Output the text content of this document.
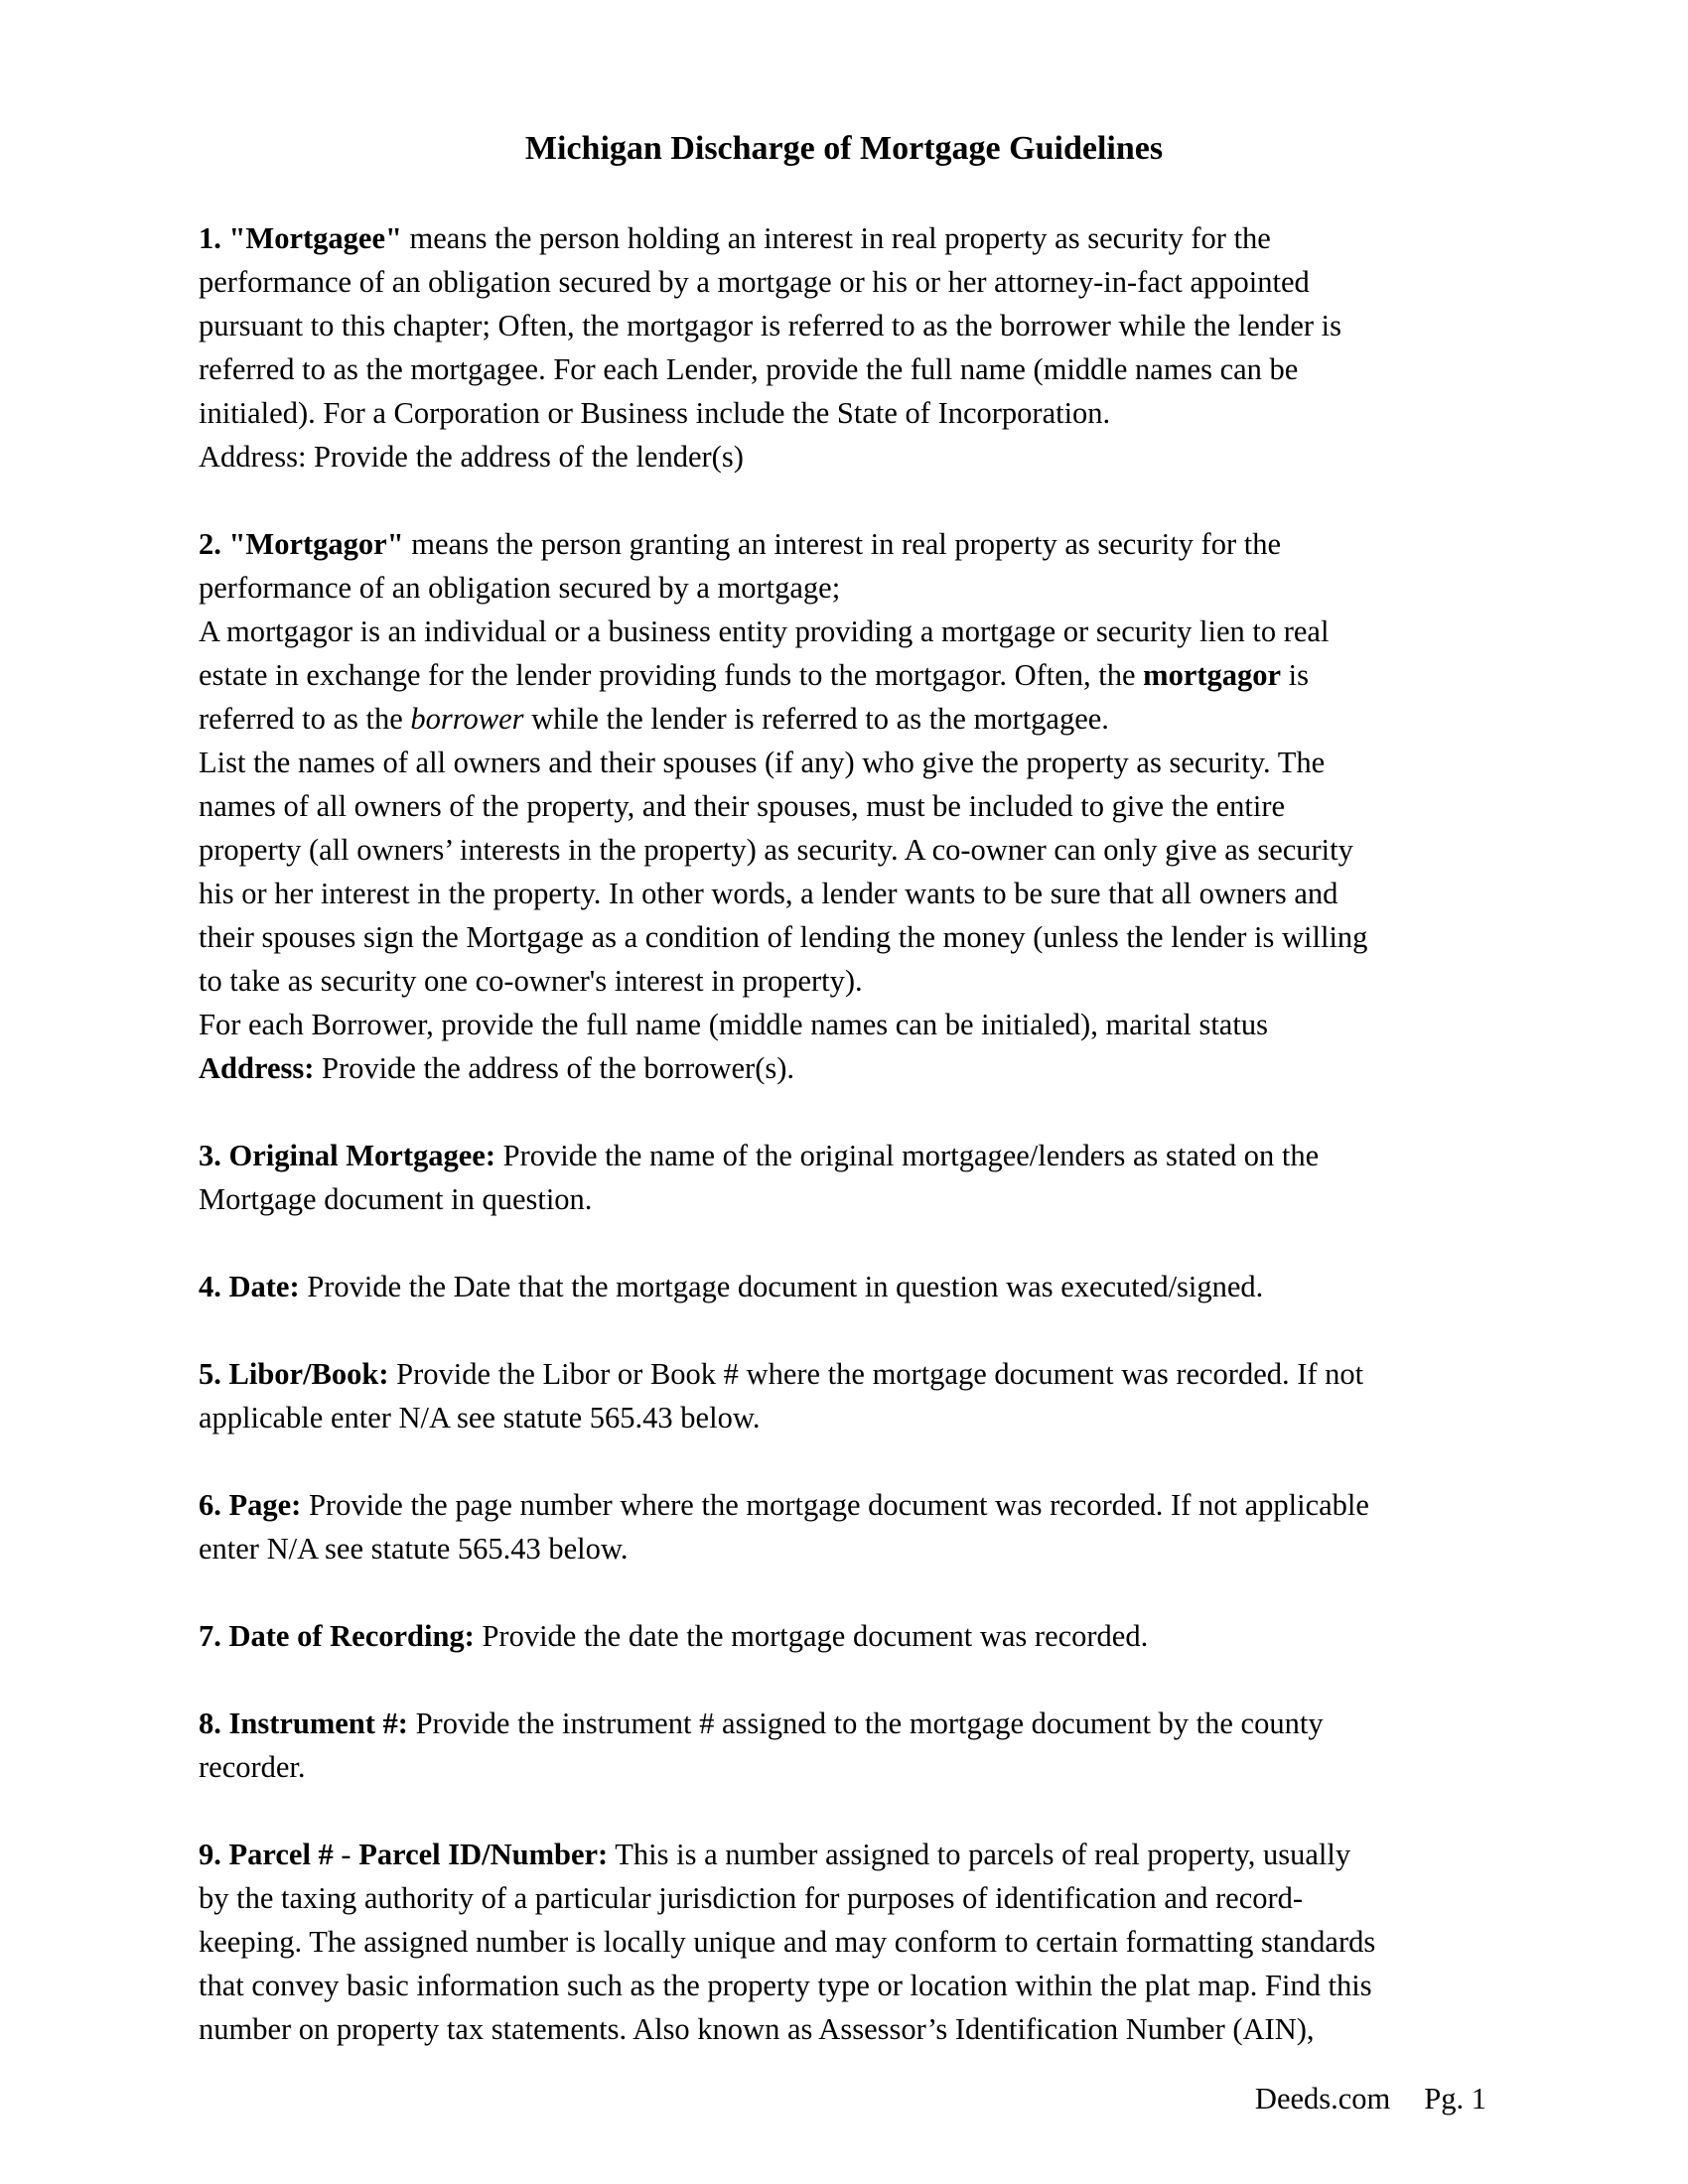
Michigan Discharge of Mortgage Guidelines
1. "Mortgagee" means the person holding an interest in real property as security for the
performance of an obligation secured by a mortgage or his or her attorney-in-fact appointed
pursuant to this chapter; Often, the mortgagor is referred to as the borrower while the lender is
referred to as the mortgagee. For each Lender, provide the full name (middle names can be
initialed). For a Corporation or Business include the State of Incorporation.
Address: Provide the address of the lender(s)
2. "Mortgagor" means the person granting an interest in real property as security for the
performance of an obligation secured by a mortgage;
A mortgagor is an individual or a business entity providing a mortgage or security lien to real
estate in exchange for the lender providing funds to the mortgagor. Often, the mortgagor is
referred to as the borrower while the lender is referred to as the mortgagee.
List the names of all owners and their spouses (if any) who give the property as security. The
names of all owners of the property, and their spouses, must be included to give the entire
property (all owners’ interests in the property) as security. A co-owner can only give as security
his or her interest in the property. In other words, a lender wants to be sure that all owners and
their spouses sign the Mortgage as a condition of lending the money (unless the lender is willing
to take as security one co-owner's interest in property).
For each Borrower, provide the full name (middle names can be initialed), marital status
Address: Provide the address of the borrower(s).
3. Original Mortgagee: Provide the name of the original mortgagee/lenders as stated on the
Mortgage document in question.
4. Date: Provide the Date that the mortgage document in question was executed/signed.
5. Libor/Book: Provide the Libor or Book # where the mortgage document was recorded. If not
applicable enter N/A see statute 565.43 below.
6. Page: Provide the page number where the mortgage document was recorded. If not applicable
enter N/A see statute 565.43 below.
7. Date of Recording: Provide the date the mortgage document was recorded.
8. Instrument #: Provide the instrument # assigned to the mortgage document by the county
recorder.
9. Parcel # - Parcel ID/Number: This is a number assigned to parcels of real property, usually
by the taxing authority of a particular jurisdiction for purposes of identification and record-
keeping. The assigned number is locally unique and may conform to certain formatting standards
that convey basic information such as the property type or location within the plat map. Find this
number on property tax statements. Also known as Assessor’s Identification Number (AIN),
Deeds.com Pg. 1
